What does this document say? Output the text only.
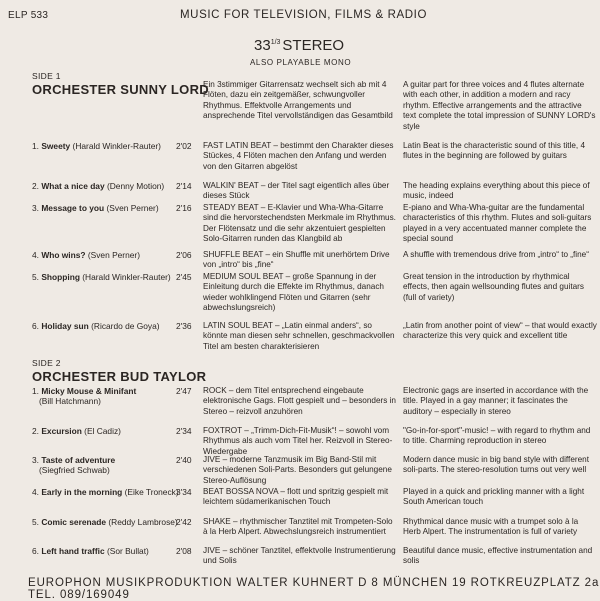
ELP 533	MUSIC FOR TELEVISION, FILMS & RADIO
$33^{1/3}$ STEREO
ALSO PLAYABLE MONO
SIDE 1
ORCHESTER SUNNY LORD
Ein 3stimmiger Gitarrensatz wechselt sich ab mit 4 Flöten, dazu ein zeitgemäßer, schwungvoller Rhythmus. Effektvolle Arrangements und ansprechende Titel vervollständigen das Gesamtbild
A guitar part for three voices and 4 flutes alternate with each other, in addition a modern and racy rhythm. Effective arrangements and the attractive text complete the total impression of SUNNY LORD's style
1. Sweety (Harald Winkler-Rauter)	2'02 FAST LATIN BEAT – bestimmt den Charakter dieses Stückes, 4 Flöten machen den Anfang und werden von den Gitarren abgelöst
Latin Beat is the characteristic sound of this title, 4 flutes in the beginning are followed by guitars
2. What a nice day (Denny Motion)	2'14 WALKIN' BEAT – der Titel sagt eigentlich alles über dieses Stück
The heading explains everything about this piece of music, indeed
3. Message to you (Sven Perner)	2'16 STEADY BEAT – E-Klavier und Wha-Wha-Gitarre sind die hervorstechendsten Merkmale im Rhythmus. Der Flötensatz und die sehr akzentuiert gespielten Solo-Gitarren runden das Klangbild ab
E-piano and Wha-Wha-guitar are the fundamental characteristics of this rhythm. Flutes and soli-guitars played in a very accentuated manner complete the special sound
4. Who wins? (Sven Perner)	2'06 SHUFFLE BEAT – ein Shuffle mit unerhörtem Drive von „intro“ bis „fine“
A shuffle with tremendous drive from „intro“ to „fine“
5. Shopping (Harald Winkler-Rauter) 2'45 MEDIUM SOUL BEAT – große Spannung in der Einleitung durch die Effekte im Rhythmus, danach wieder wohlklingend Flöten und Gitarren (sehr abwechslungsreich)
Great tension in the introduction by rhythmical effects, then again wellsounding flutes and guitars (full of variety)
6. Holiday sun (Ricardo de Goya)	2'36 LATIN SOUL BEAT – „Latin einmal anders“, so könnte man diesen sehr schnellen, geschmackvollen Titel am besten charakterisieren
„Latin from another point of view“ – that would exactly characterize this very quick and excellent title
SIDE 2
ORCHESTER BUD TAYLOR
1. Micky Mouse & Minifant
(Bill Hatchmann)
2'47 ROCK – dem Titel entsprechend eingebaute elektronische Gags. Flott gespielt und – besonders in Stereo – reizvoll anzuhören
Electronic gags are inserted in accordance with the title. Played in a gay manner; it fascinates the auditory – especially in stereo
2. Excursion (El Cadiz)	2'34 FOXTROT – „Trimm-Dich-Fit-Musik“! – sowohl vom Rhythmus als auch vom Titel her. Reizvoll in Stereo-Wiedergabe
"Go-in-for-sport"-music! – with regard to rhythm and to title. Charming reproduction in stereo
3. Taste of adventure
(Siegfried Schwab)
2'40 JIVE – moderne Tanzmusik im Big Band-Stil mit verschiedenen Soli-Parts. Besonders gut gelungene Stereo-Auflösung
Modern dance music in big band style with different soli-parts. The stereo-resolution turns out very well
4. Early in the morning (Eike Troneck)
3'34 BEAT BOSSA NOVA – flott und spritzig gespielt mit leichtem südamerikanischen Touch
Played in a quick and prickling manner with a light South American touch
5. Comic serenade (Reddy Lambrose)
2'42 SHAKE – rhythmischer Tanztitel mit Trompeten-Solo à la Herb Alpert. Abwechslungsreich instrumentiert
Rhythmical dance music with a trumpet solo à la Herb Alpert. The instrumentation is full of variety
6. Left hand traffic (Sor Bullat)	2'08 JIVE – schöner Tanztitel, effektvolle Instrumentierung und Solis
Beautiful dance music, effective instrumentation and solis
EUROPHON MUSIKPRODUKTION WALTER KUHNERT D 8 MÜNCHEN 19 ROTKREUZPLATZ 2a TEL. 089/169049
